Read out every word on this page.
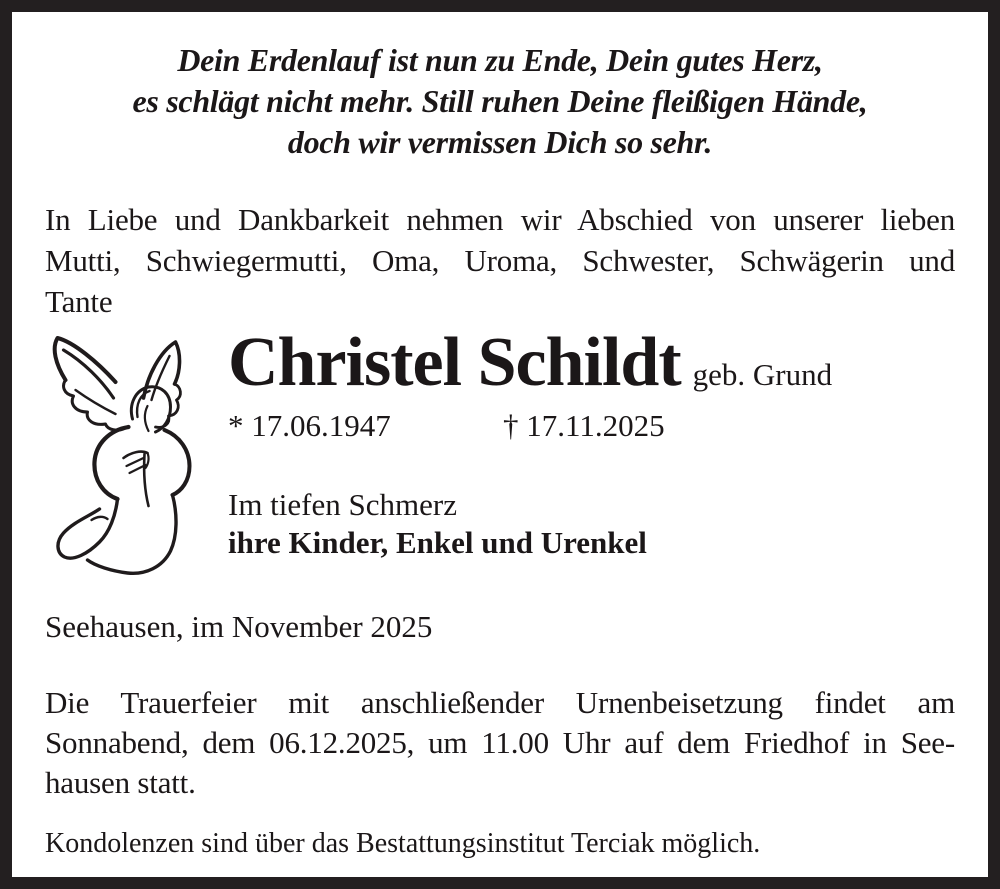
Dein Erdenlauf ist nun zu Ende, Dein gutes Herz,
es schlägt nicht mehr. Still ruhen Deine fleißigen Hände,
doch wir vermissen Dich so sehr.
In Liebe und Dankbarkeit nehmen wir Abschied von unserer lieben
Mutti, Schwiegermutti, Oma, Uroma, Schwester, Schwägerin und
Tante
Christel Schildt geb. Grund
* 17.06.1947	† 17.11.2025
Im tiefen Schmerz
ihre Kinder, Enkel und Urenkel
Seehausen, im November 2025
Die Trauerfeier mit anschließender Urnenbeisetzung findet am
Sonnabend, dem 06.12.2025, um 11.00 Uhr auf dem Friedhof in See-
hausen statt.
Kondolenzen sind über das Bestattungsinstitut Terciak möglich.
